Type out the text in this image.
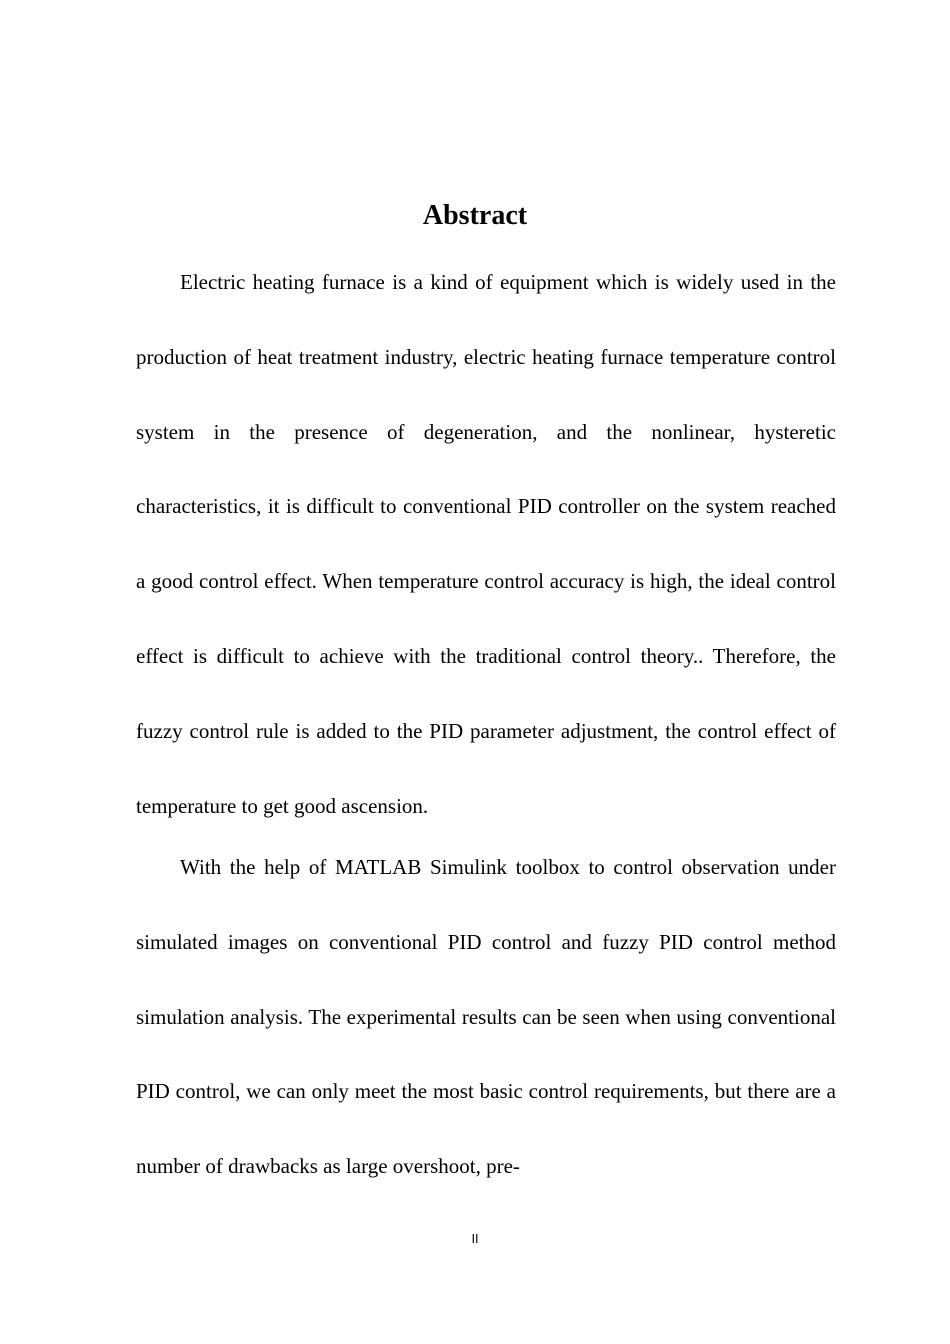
Abstract

Electric heating furnace is a kind of equipment which is widely used in the production of heat treatment industry, electric heating furnace temperature control system in the presence of degeneration, and the nonlinear, hysteretic characteristics, it is difficult to conventional PID controller on the system reached a good control effect. When temperature control accuracy is high, the ideal control effect is difficult to achieve with the traditional control theory.. Therefore, the fuzzy control rule is added to the PID parameter adjustment, the control effect of temperature to get good ascension.

With the help of MATLAB Simulink toolbox to control observation under simulated images on conventional PID control and fuzzy PID control method simulation analysis. The experimental results can be seen when using conventional PID control, we can only meet the most basic control requirements, but there are a number of drawbacks as large overshoot, pre-

II
